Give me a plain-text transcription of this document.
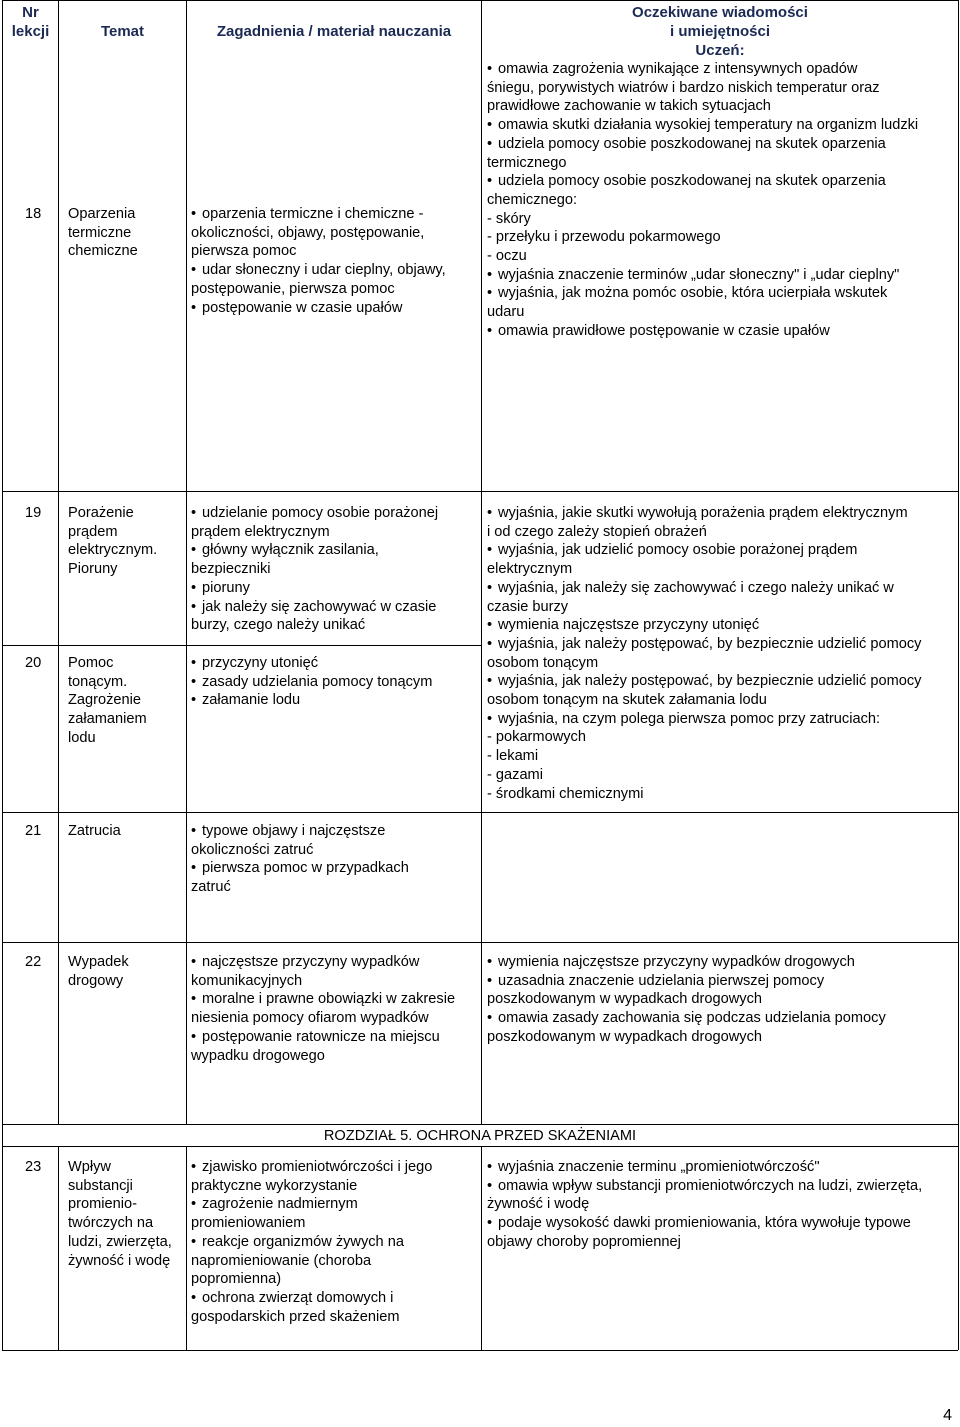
Nr lekcji	Temat	Zagadnienia / materiał nauczania
Oczekiwane wiadomości
i umiejętności
Uczeń:
18 Oparzenia
termiczne
chemiczne
• oparzenia termiczne i chemiczne -
okoliczności, objawy, postępowanie,
pierwsza pomoc
• udar słoneczny i udar cieplny, objawy,
postępowanie, pierwsza pomoc
• postępowanie w czasie upałów
• omawia zagrożenia wynikające z intensywnych opadów
śniegu, porywistych wiatrów i bardzo niskich temperatur oraz
prawidłowe zachowanie w takich sytuacjach
• omawia skutki działania wysokiej temperatury na organizm ludzki
• udziela pomocy osobie poszkodowanej na skutek oparzenia
termicznego
• udziela pomocy osobie poszkodowanej na skutek oparzenia
chemicznego:
- skóry
- przełyku i przewodu pokarmowego
- oczu
• wyjaśnia znaczenie terminów „udar słoneczny" i „udar cieplny"
• wyjaśnia, jak można pomóc osobie, która ucierpiała wskutek
udaru
• omawia prawidłowe postępowanie w czasie upałów
19 Porażenie
prądem
elektrycznym.
Pioruny
• udzielanie pomocy osobie porażonej
prądem elektrycznym
• główny wyłącznik zasilania,
bezpieczniki
• pioruny
• jak należy się zachowywać w czasie
burzy, czego należy unikać
20 Pomoc
tonącym.
Zagrożenie
załamaniem
lodu
• przyczyny utonięć
• zasady udzielania pomocy tonącym
• załamanie lodu
• wyjaśnia, jakie skutki wywołują porażenia prądem elektrycznym
i od czego zależy stopień obrażeń
• wyjaśnia, jak udzielić pomocy osobie porażonej prądem
elektrycznym
• wyjaśnia, jak należy się zachowywać i czego należy unikać w
czasie burzy
• wymienia najczęstsze przyczyny utonięć
• wyjaśnia, jak należy postępować, by bezpiecznie udzielić pomocy
osobom tonącym
• wyjaśnia, jak należy postępować, by bezpiecznie udzielić pomocy
osobom tonącym na skutek załamania lodu
• wyjaśnia, na czym polega pierwsza pomoc przy zatruciach:
- pokarmowych
- lekami
- gazami
- środkami chemicznymi
21 Zatrucia
•	typowe objawy i najczęstsze
okoliczności zatruć
• pierwsza pomoc w przypadkach
zatruć
22 Wypadek
drogowy
• najczęstsze przyczyny wypadków
komunikacyjnych
• moralne i prawne obowiązki w zakresie
niesienia pomocy ofiarom wypadków
• postępowanie ratownicze na miejscu
wypadku drogowego
• wymienia najczęstsze przyczyny wypadków drogowych
• uzasadnia znaczenie udzielania pierwszej pomocy
poszkodowanym w wypadkach drogowych
• omawia zasady zachowania się podczas udzielania pomocy
poszkodowanym w wypadkach drogowych
ROZDZIAŁ 5. OCHRONA PRZED SKAŻENIAMI
23 Wpływ
substancji
promienio-
twórczych na
ludzi, zwierzęta,
żywność i wodę
• zjawisko promieniotwórczości i jego
praktyczne wykorzystanie
• zagrożenie nadmiernym
promieniowaniem
• reakcje organizmów żywych na
napromieniowanie (choroba
popromienna)
• ochrona zwierząt domowych i
gospodarskich przed skażeniem
• wyjaśnia znaczenie terminu „promieniotwórczość"
• omawia wpływ substancji promieniotwórczych na ludzi, zwierzęta,
żywność i wodę
• podaje wysokość dawki promieniowania, która wywołuje typowe
objawy choroby popromiennej
4
